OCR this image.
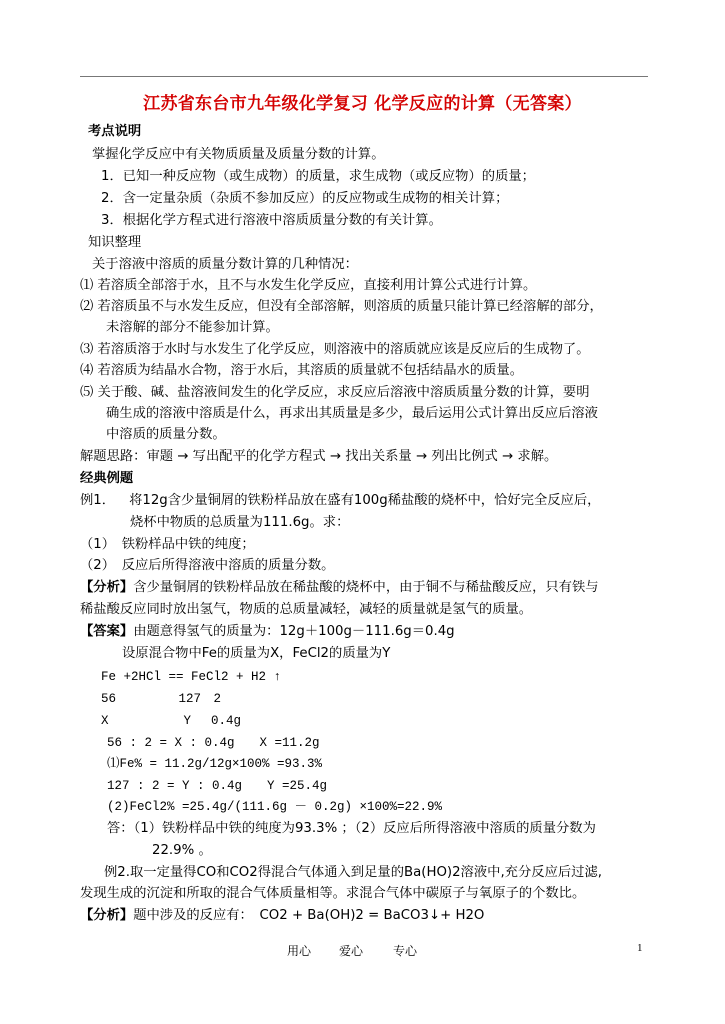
江苏省东台市九年级化学复习 化学反应的计算（无答案）
考点说明
掌握化学反应中有关物质质量及质量分数的计算。
1．已知一种反应物（或生成物）的质量，求生成物（或反应物）的质量；
2．含一定量杂质（杂质不参加反应）的反应物或生成物的相关计算；
3．根据化学方程式进行溶液中溶质质量分数的有关计算。
知识整理
关于溶液中溶质的质量分数计算的几种情况：
⑴ 若溶质全部溶于水，且不与水发生化学反应，直接利用计算公式进行计算。
⑵ 若溶质虽不与水发生反应，但没有全部溶解，则溶质的质量只能计算已经溶解的部分，
未溶解的部分不能参加计算。
⑶ 若溶质溶于水时与水发生了化学反应，则溶液中的溶质就应该是反应后的生成物了。
⑷ 若溶质为结晶水合物，溶于水后，其溶质的质量就不包括结晶水的质量。
⑸ 关于酸、碱、盐溶液间发生的化学反应，求反应后溶液中溶质质量分数的计算，要明
确生成的溶液中溶质是什么，再求出其质量是多少，最后运用公式计算出反应后溶液
中溶质的质量分数。
解题思路：审题 → 写出配平的化学方程式 → 找出关系量 → 列出比例式 → 求解。
经典例题
例1． 将12g含少量铜屑的铁粉样品放在盛有100g稀盐酸的烧杯中，恰好完全反应后，
烧杯中物质的总质量为111.6g。求：
（1）　铁粉样品中铁的纯度；
（2）　反应后所得溶液中溶质的质量分数。
【分析】含少量铜屑的铁粉样品放在稀盐酸的烧杯中，由于铜不与稀盐酸反应，只有铁与
稀盐酸反应同时放出氢气，物质的总质量减轻，减轻的质量就是氢气的质量。
【答案】由题意得氢气的质量为：12g＋100g－111.6g＝0.4g
设原混合物中Fe的质量为X，FeCl2的质量为Y
Fe +2HCl == FeCl2 + H2 ↑
56　　　　　127　2
X　　　　　　Y　 0.4g
56 : 2 = X : 0.4g　　X =11.2g
⑴Fe% = 11.2g/12g×100% =93.3%
127 : 2 = Y : 0.4g　　Y =25.4g
(2)FeCl2% =25.4g/(111.6g － 0.2g) ×100%=22.9%
答：（1）铁粉样品中铁的纯度为93.3% ；（2）反应后所得溶液中溶质的质量分数为
22.9% 。
例2.取一定量得CO和CO2得混合气体通入到足量的Ba(HO)2溶液中,充分反应后过滤,
发现生成的沉淀和所取的混合气体质量相等。求混合气体中碳原子与氧原子的个数比。
【分析】题中涉及的反应有：　CO2 + Ba(OH)2 = BaCO3↓+ H2O
用心 爱心 专心	1
